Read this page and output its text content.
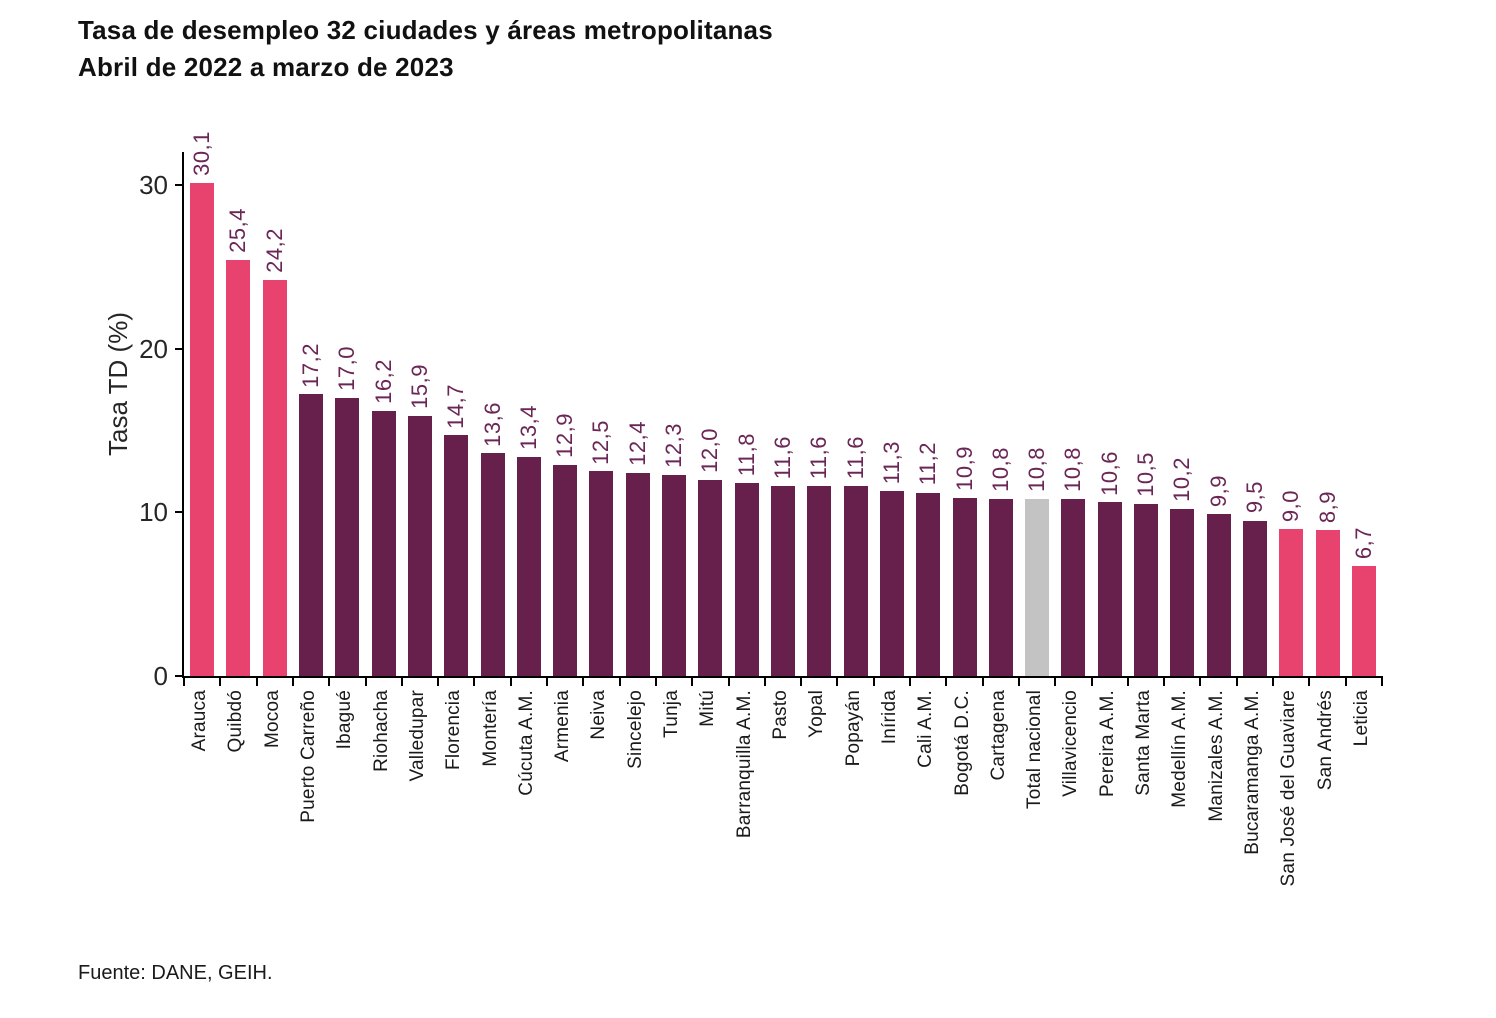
Tasa de desempleo 32 ciudades y áreas metropolitanas
Abril de 2022 a marzo de 2023
Tasa TD (%)
0
10
20
30
30,1
25,4 24,2
17,2 17,0 16,2 15,9 14,7 13,6 13,4 12,9 12,5 12,4 12,3 12,0 11,8 11,6 11,6 11,6 11,3 11,2 10,9 10,8 10,8 10,8 10,6 10,5 10,2 9,9 9,5 9,0 8,9
6,7
Arauca Quibdó Mocoa Puerto Carreño Ibagué Riohacha Valledupar Florencia Montería Cúcuta A.M. Armenia Neiva Sincelejo Tunja Mitú Barranquilla A.M. Pasto Yopal Popayán Inírida Cali A.M. Bogotá D.C. Cartagena Total nacional Villavicencio Pereira A.M. Santa Marta Medellín A.M. Manizales A.M. Bucaramanga A.M. San José del Guaviare San Andrés Leticia
Fuente: DANE, GEIH.
